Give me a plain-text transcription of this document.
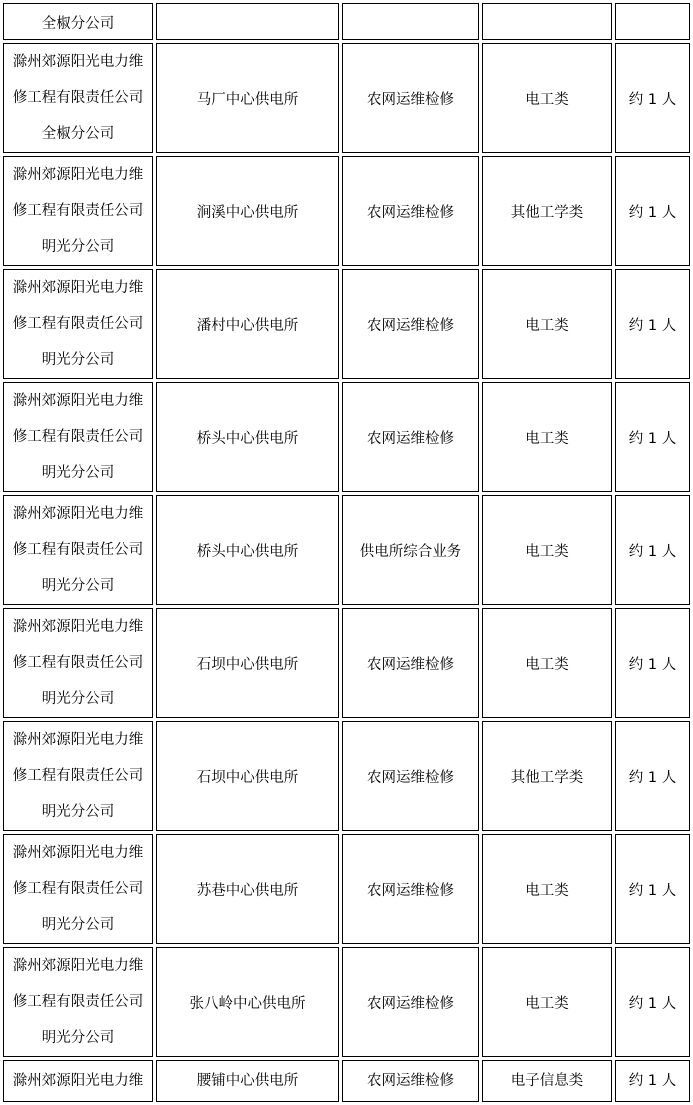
全椒分公司				

滁州郊源阳光电力维
修工程有限责任公司
全椒分公司	马厂中心供电所	农网运维检修	电工类	约 1 人

滁州郊源阳光电力维
修工程有限责任公司
明光分公司	涧溪中心供电所	农网运维检修	其他工学类	约 1 人

滁州郊源阳光电力维
修工程有限责任公司
明光分公司	潘村中心供电所	农网运维检修	电工类	约 1 人

滁州郊源阳光电力维
修工程有限责任公司
明光分公司	桥头中心供电所	农网运维检修	电工类	约 1 人

滁州郊源阳光电力维
修工程有限责任公司
明光分公司	桥头中心供电所	供电所综合业务	电工类	约 1 人

滁州郊源阳光电力维
修工程有限责任公司
明光分公司	石坝中心供电所	农网运维检修	电工类	约 1 人

滁州郊源阳光电力维
修工程有限责任公司
明光分公司	石坝中心供电所	农网运维检修	其他工学类	约 1 人

滁州郊源阳光电力维
修工程有限责任公司
明光分公司	苏巷中心供电所	农网运维检修	电工类	约 1 人

滁州郊源阳光电力维
修工程有限责任公司
明光分公司	张八岭中心供电所	农网运维检修	电工类	约 1 人

滁州郊源阳光电力维	腰铺中心供电所	农网运维检修	电子信息类	约 1 人
